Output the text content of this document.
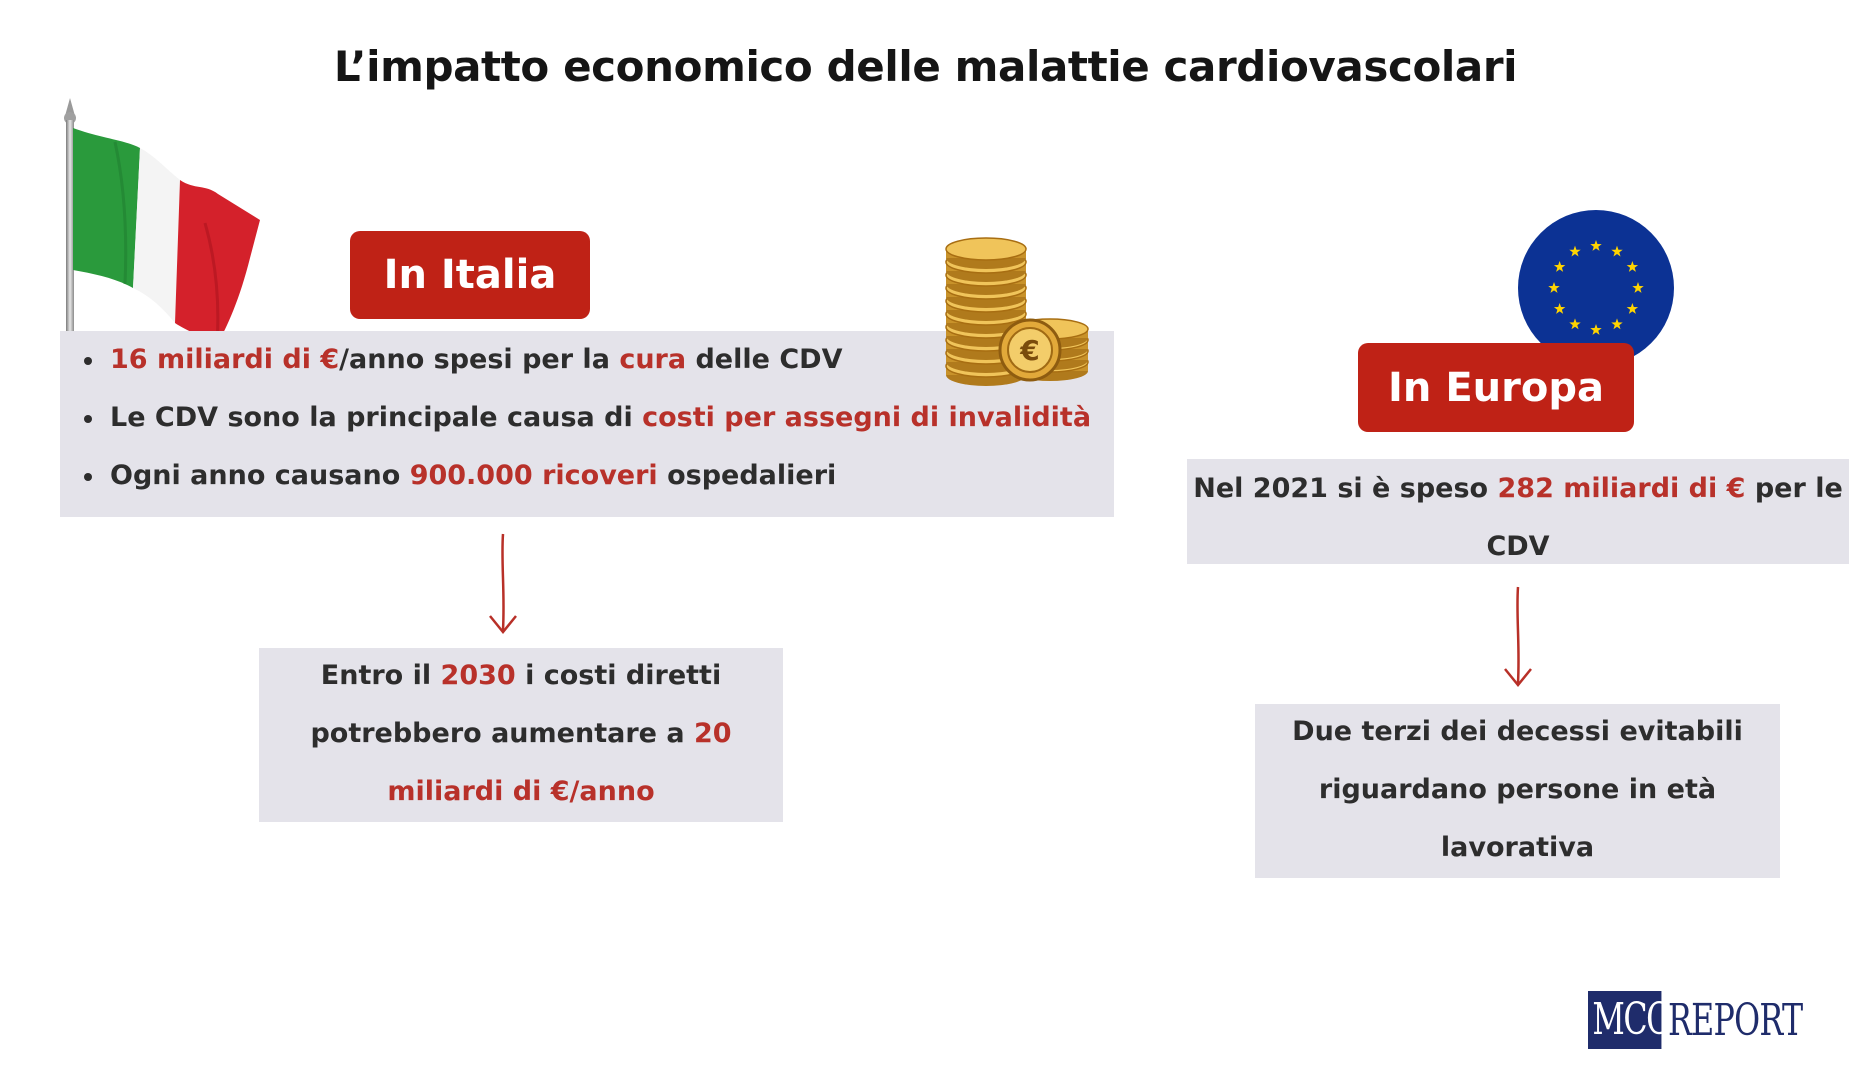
L’impatto economico delle malattie cardiovascolari
In Italia
16 miliardi di €/anno spesi per la cura delle CDV
Le CDV sono la principale causa di costi per assegni di invalidità
Ogni anno causano 900.000 ricoveri ospedalieri
€
Entro il 2030 i costi diretti potrebbero aumentare a 20 miliardi di €/anno
In Europa
Nel 2021 si è speso 282 miliardi di € per le CDV
Due terzi dei decessi evitabili riguardano persone in età lavorativa
MCO
REPORT
